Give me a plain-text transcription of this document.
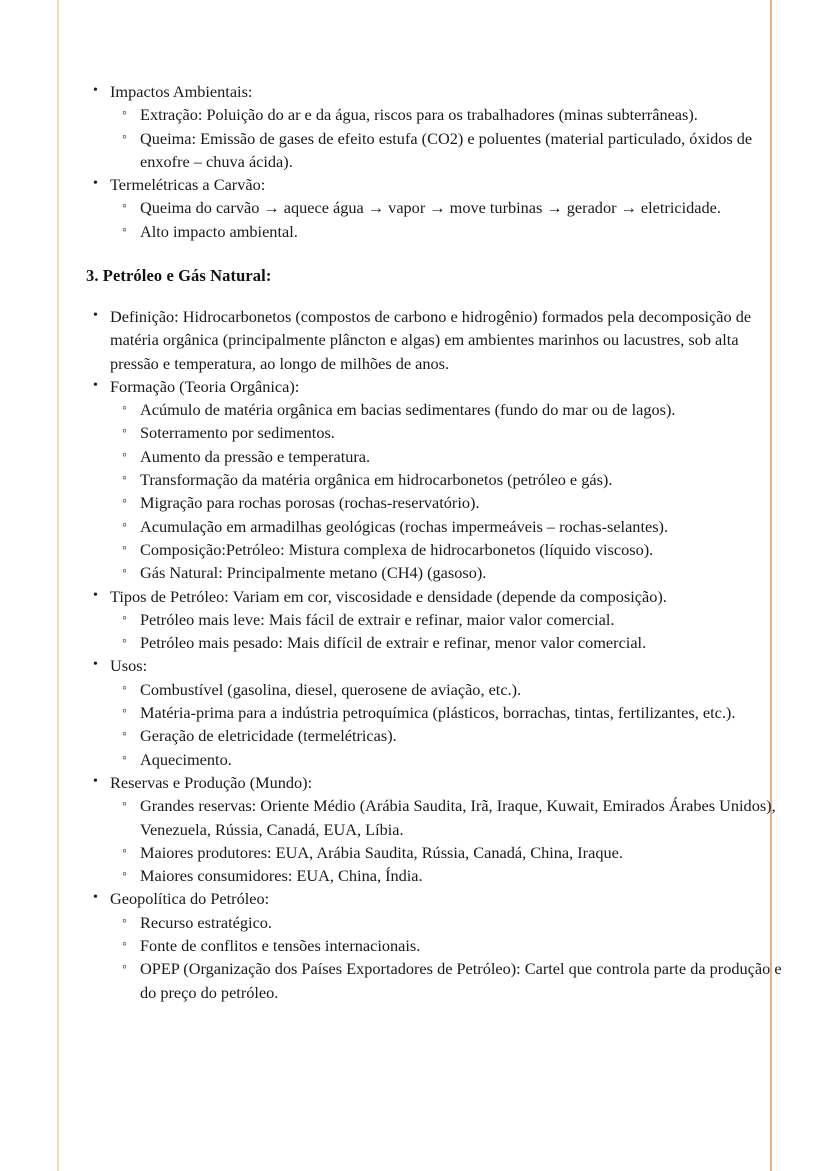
• Impactos Ambientais:
◦ Extração: Poluição do ar e da água, riscos para os trabalhadores (minas subterrâneas).
◦ Queima: Emissão de gases de efeito estufa (CO2) e poluentes (material particulado, óxidos de enxofre – chuva ácida).
• Termelétricas a Carvão:
◦ Queima do carvão → aquece água → vapor → move turbinas → gerador → eletricidade.
◦ Alto impacto ambiental.
3. Petróleo e Gás Natural:
• Definição: Hidrocarbonetos (compostos de carbono e hidrogênio) formados pela decomposição de matéria orgânica (principalmente plâncton e algas) em ambientes marinhos ou lacustres, sob alta pressão e temperatura, ao longo de milhões de anos.
• Formação (Teoria Orgânica):
◦ Acúmulo de matéria orgânica em bacias sedimentares (fundo do mar ou de lagos).
◦ Soterramento por sedimentos.
◦ Aumento da pressão e temperatura.
◦ Transformação da matéria orgânica em hidrocarbonetos (petróleo e gás).
◦ Migração para rochas porosas (rochas-reservatório).
◦ Acumulação em armadilhas geológicas (rochas impermeáveis – rochas-selantes).
◦ Composição:Petróleo: Mistura complexa de hidrocarbonetos (líquido viscoso).
◦ Gás Natural: Principalmente metano (CH4) (gasoso).
• Tipos de Petróleo: Variam em cor, viscosidade e densidade (depende da composição).
◦ Petróleo mais leve: Mais fácil de extrair e refinar, maior valor comercial.
◦ Petróleo mais pesado: Mais difícil de extrair e refinar, menor valor comercial.
• Usos:
◦ Combustível (gasolina, diesel, querosene de aviação, etc.).
◦ Matéria-prima para a indústria petroquímica (plásticos, borrachas, tintas, fertilizantes, etc.).
◦ Geração de eletricidade (termelétricas).
◦ Aquecimento.
• Reservas e Produção (Mundo):
◦ Grandes reservas: Oriente Médio (Arábia Saudita, Irã, Iraque, Kuwait, Emirados Árabes Unidos), Venezuela, Rússia, Canadá, EUA, Líbia.
◦ Maiores produtores: EUA, Arábia Saudita, Rússia, Canadá, China, Iraque.
◦ Maiores consumidores: EUA, China, Índia.
• Geopolítica do Petróleo:
◦ Recurso estratégico.
◦ Fonte de conflitos e tensões internacionais.
◦ OPEP (Organização dos Países Exportadores de Petróleo): Cartel que controla parte da produção e do preço do petróleo.
